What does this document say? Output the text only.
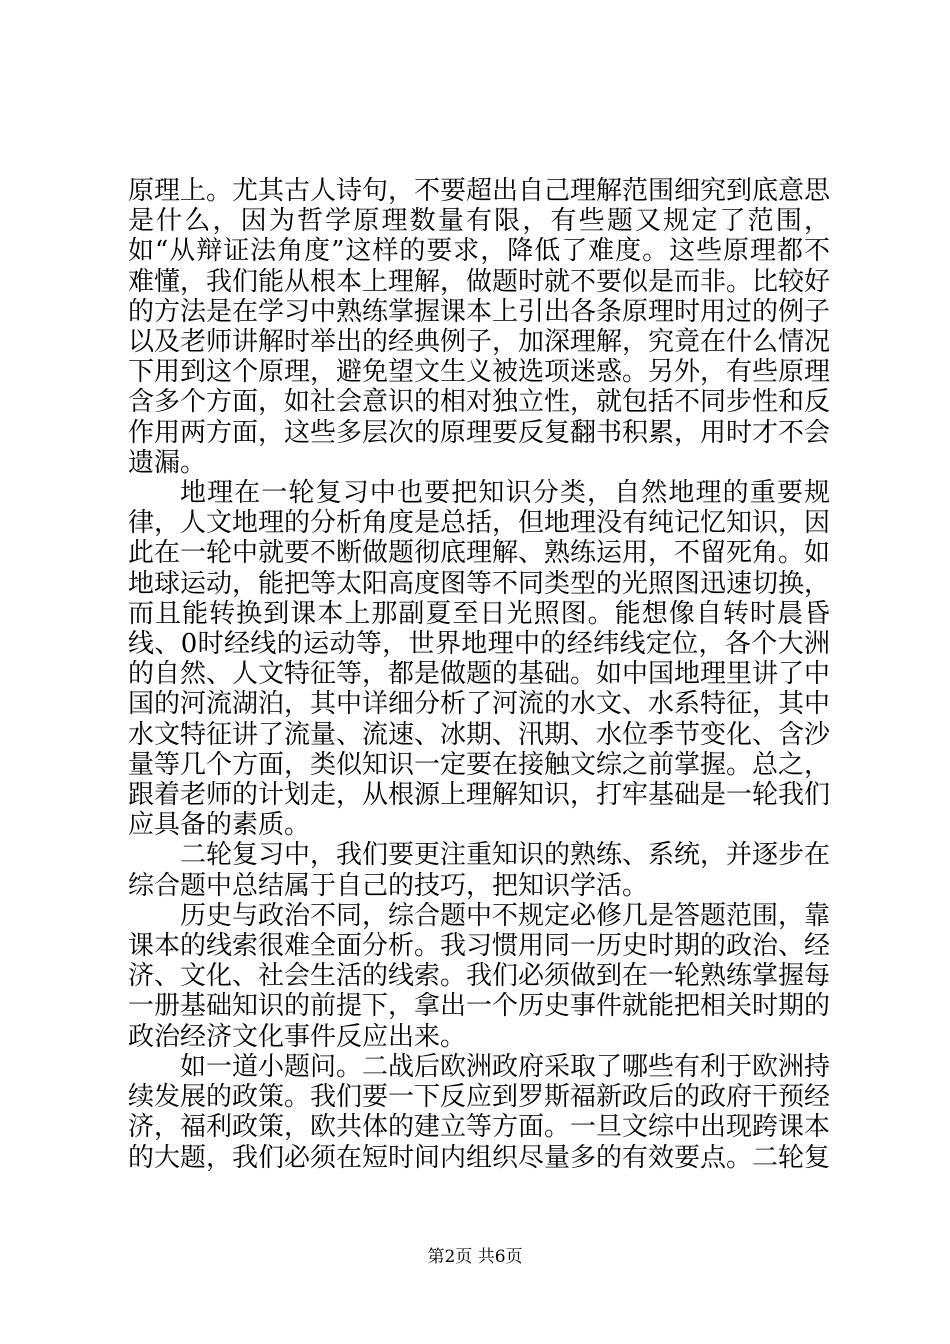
原理上。尤其古人诗句，不要超出自己理解范围细究到底意思是什么，因为哲学原理数量有限，有些题又规定了范围，如“从辩证法角度”这样的要求，降低了难度。这些原理都不难懂，我们能从根本上理解，做题时就不要似是而非。比较好的方法是在学习中熟练掌握课本上引出各条原理时用过的例子以及老师讲解时举出的经典例子，加深理解，究竟在什么情况下用到这个原理，避免望文生义被选项迷惑。另外，有些原理含多个方面，如社会意识的相对独立性，就包括不同步性和反作用两方面，这些多层次的原理要反复翻书积累，用时才不会遗漏。

地理在一轮复习中也要把知识分类，自然地理的重要规律，人文地理的分析角度是总括，但地理没有纯记忆知识，因此在一轮中就要不断做题彻底理解、熟练运用，不留死角。如地球运动，能把等太阳高度图等不同类型的光照图迅速切换，而且能转换到课本上那副夏至日光照图。能想像自转时晨昏线、0时经线的运动等，世界地理中的经纬线定位，各个大洲的自然、人文特征等，都是做题的基础。如中国地理里讲了中国的河流湖泊，其中详细分析了河流的水文、水系特征，其中水文特征讲了流量、流速、冰期、汛期、水位季节变化、含沙量等几个方面，类似知识一定要在接触文综之前掌握。总之，跟着老师的计划走，从根源上理解知识，打牢基础是一轮我们应具备的素质。

二轮复习中，我们要更注重知识的熟练、系统，并逐步在综合题中总结属于自己的技巧，把知识学活。

历史与政治不同，综合题中不规定必修几是答题范围，靠课本的线索很难全面分析。我习惯用同一历史时期的政治、经济、文化、社会生活的线索。我们必须做到在一轮熟练掌握每一册基础知识的前提下，拿出一个历史事件就能把相关时期的政治经济文化事件反应出来。

如一道小题问。二战后欧洲政府采取了哪些有利于欧洲持续发展的政策。我们要一下反应到罗斯福新政后的政府干预经济，福利政策，欧共体的建立等方面。一旦文综中出现跨课本的大题，我们必须在短时间内组织尽量多的有效要点。二轮复

第2页 共6页
